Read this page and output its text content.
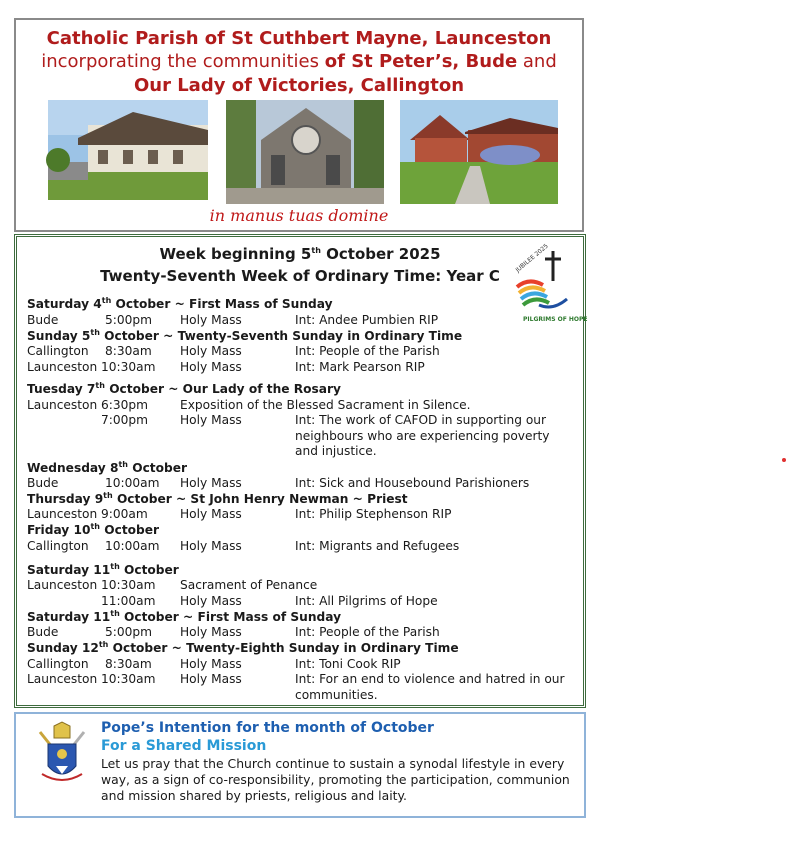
Catholic Parish of St Cuthbert Mayne, Launceston
incorporating the communities of St Peter’s, Bude and
Our Lady of Victories, Callington
in manus tuas domine
Week beginning 5th October 2025
Twenty-Seventh Week of Ordinary Time: Year C
JUBILEE 2025
PILGRIMS OF HOPE
Saturday 4th October ~ First Mass of Sunday
Bude	5:00pm Holy Mass	Int: Andee Pumbien RIP
Sunday 5th October ~ Twenty-Seventh Sunday in Ordinary Time
Callington 8:30am Holy Mass	Int: People of the Parish
Launceston 10:30am Holy Mass	Int: Mark Pearson RIP
Tuesday 7th October ~ Our Lady of the Rosary
Launceston 6:30pm	Exposition of the Blessed Sacrament in Silence.
7:00pm	Holy Mass	Int: The work of CAFOD in supporting our neighbours who are experiencing poverty and injustice.
Wednesday 8th October
Bude	10:00am Holy Mass	Int: Sick and Housebound Parishioners
Thursday 9th October ~ St John Henry Newman ~ Priest
Launceston 9:00am	Holy Mass	Int: Philip Stephenson RIP
Friday 10th October
Callington 10:00am Holy Mass	Int: Migrants and Refugees
Saturday 11th October
Launceston 10:30am Sacrament of Penance
11:00am Holy Mass	Int: All Pilgrims of Hope
Saturday 11th October ~ First Mass of Sunday
Bude	5:00pm Holy Mass	Int: People of the Parish
Sunday 12th October ~ Twenty-Eighth Sunday in Ordinary Time
Callington 8:30am Holy Mass	Int: Toni Cook RIP
Launceston 10:30am Holy Mass	Int: For an end to violence and hatred in our communities.
Pope’s Intention for the month of October
For a Shared Mission
Let us pray that the Church continue to sustain a synodal lifestyle in every way, as a sign of co-responsibility, promoting the participation, communion and mission shared by priests, religious and laity.
